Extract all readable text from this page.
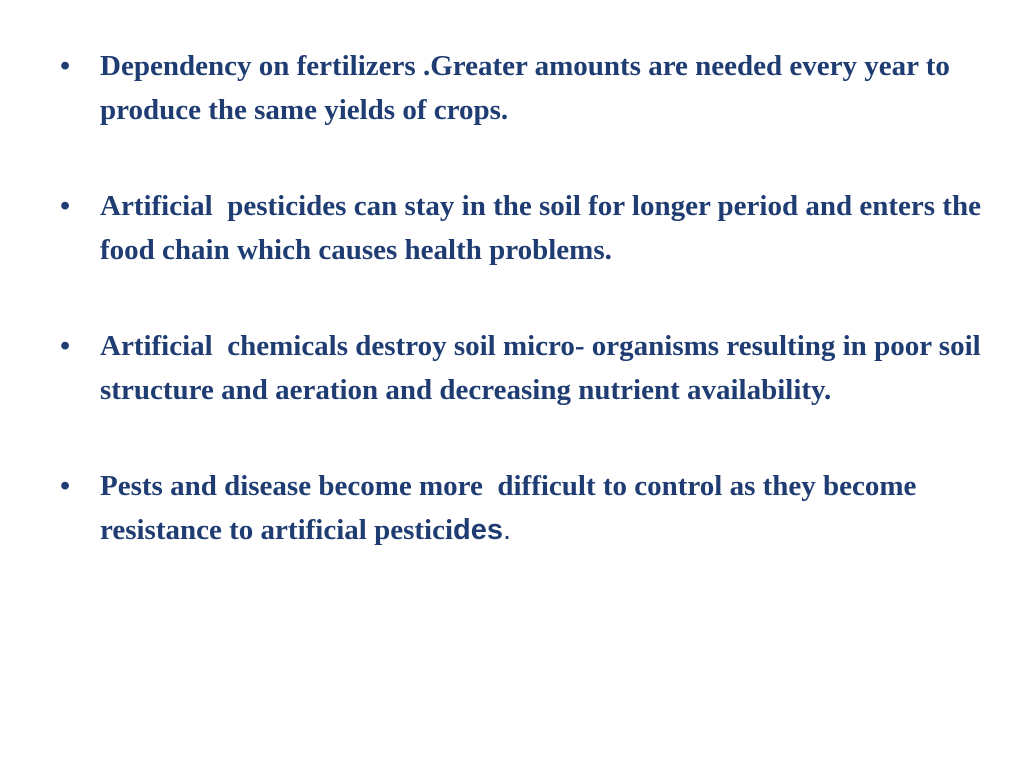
•	Dependency on fertilizers .Greater amounts are needed every year to produce the same yields of crops.
•	Artificial  pesticides can stay in the soil for longer period and enters the food chain which causes health problems.
•	Artificial  chemicals destroy soil micro- organisms resulting in poor soil structure and aeration and decreasing nutrient availability.
•	Pests and disease become more  difficult to control as they become resistance to artificial pesticides.
